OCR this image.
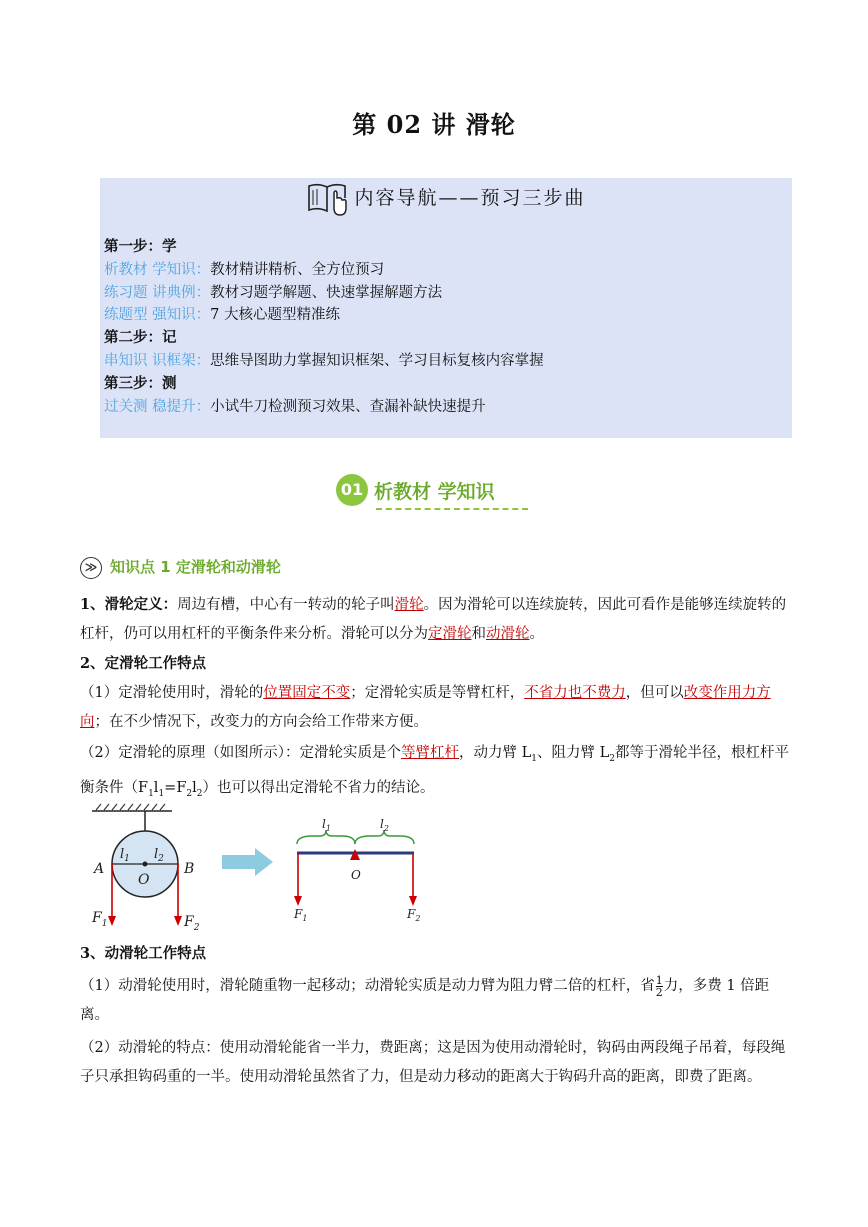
第 02 讲 滑轮
内容导航——预习三步曲
第一步：学
析教材 学知识：教材精讲精析、全方位预习
练习题 讲典例：教材习题学解题、快速掌握解题方法
练题型 强知识：7 大核心题型精准练
第二步：记
串知识 识框架：思维导图助力掌握知识框架、学习目标复核内容掌握
第三步：测
过关测 稳提升：小试牛刀检测预习效果、查漏补缺快速提升
01 析教材 学知识
≫ 知识点 1 定滑轮和动滑轮
1、滑轮定义：周边有槽，中心有一转动的轮子叫滑轮。因为滑轮可以连续旋转，因此可看作是能够连续旋转的杠杆，仍可以用杠杆的平衡条件来分析。滑轮可以分为定滑轮和动滑轮。
2、定滑轮工作特点
（1）定滑轮使用时，滑轮的位置固定不变；定滑轮实质是等臂杠杆，不省力也不费力，但可以改变作用力方向；在不少情况下，改变力的方向会给工作带来方便。
（2）定滑轮的原理（如图所示）：定滑轮实质是个等臂杠杆，动力臂 $L_1$、阻力臂 $L_2$都等于滑轮半径，根杠杆平衡条件$(F_1l_1=F_2l_2)$也可以得出定滑轮不省力的结论。
A	B
O
$l_1$ $l_2$
$F_1$	$F_2$
$l_1$	$l_2$
O
$F_1$	$F_2$
3、动滑轮工作特点
（1）动滑轮使用时，滑轮随重物一起移动；动滑轮实质是动力臂为阻力臂二倍的杠杆，省 $\frac{1}{2}$ 力，多费 1 倍距离。
（2）动滑轮的特点：使用动滑轮能省一半力，费距离；这是因为使用动滑轮时，钩码由两段绳子吊着，每段绳子只承担钩码重的一半。使用动滑轮虽然省了力，但是动力移动的距离大于钩码升高的距离，即费了距离。
